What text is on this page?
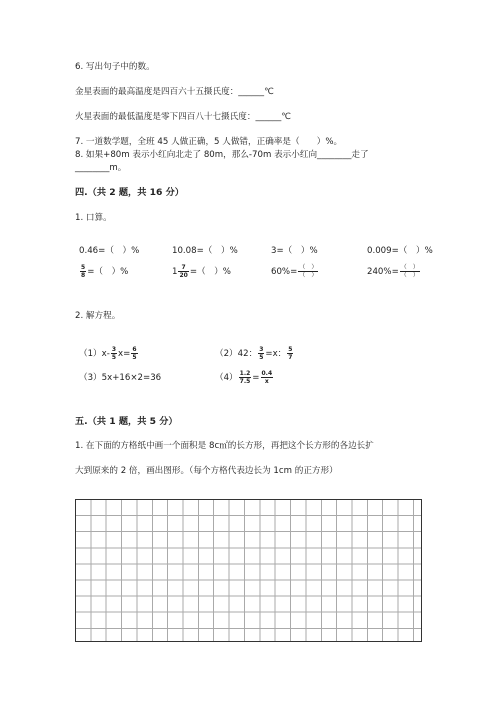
6. 写出句子中的数。
金星表面的最高温度是四百六十五摄氏度：______℃
火星表面的最低温度是零下四百八十七摄氏度：______℃
7. 一道数学题，全班 45 人做正确，5 人做错，正确率是（　　）%。
8. 如果+80m 表示小红向北走了 80m，那么-70m 表示小红向________走了
________m。
四.（共 2 题，共 16 分）
1. 口算。
0.46=（　）%	10.08=（　）%	3=（　）%	0.009=（　）%
$\frac{5}{8}$ =（　）%	$1 \frac{7}{20}$ =（　）%	$60\%= \frac{( )}{( )}$	$240\%= \frac{( )}{( )}$
2. 解方程。
$(1)x- \frac{3}{5} x= \frac{6}{5}$	（2）42： $\frac{3}{5} =x$： $\frac{5}{7}$
（3）5x+16×2=36	$(4) \frac{1.2}{7.5} = \frac{0.4}{x}$
五.（共 1 题，共 5 分）
1. 在下面的方格纸中画一个面积是 8c㎡的长方形，再把这个长方形的各边长扩
大到原来的 2 倍，画出图形。（每个方格代表边长为 1cm 的正方形）
